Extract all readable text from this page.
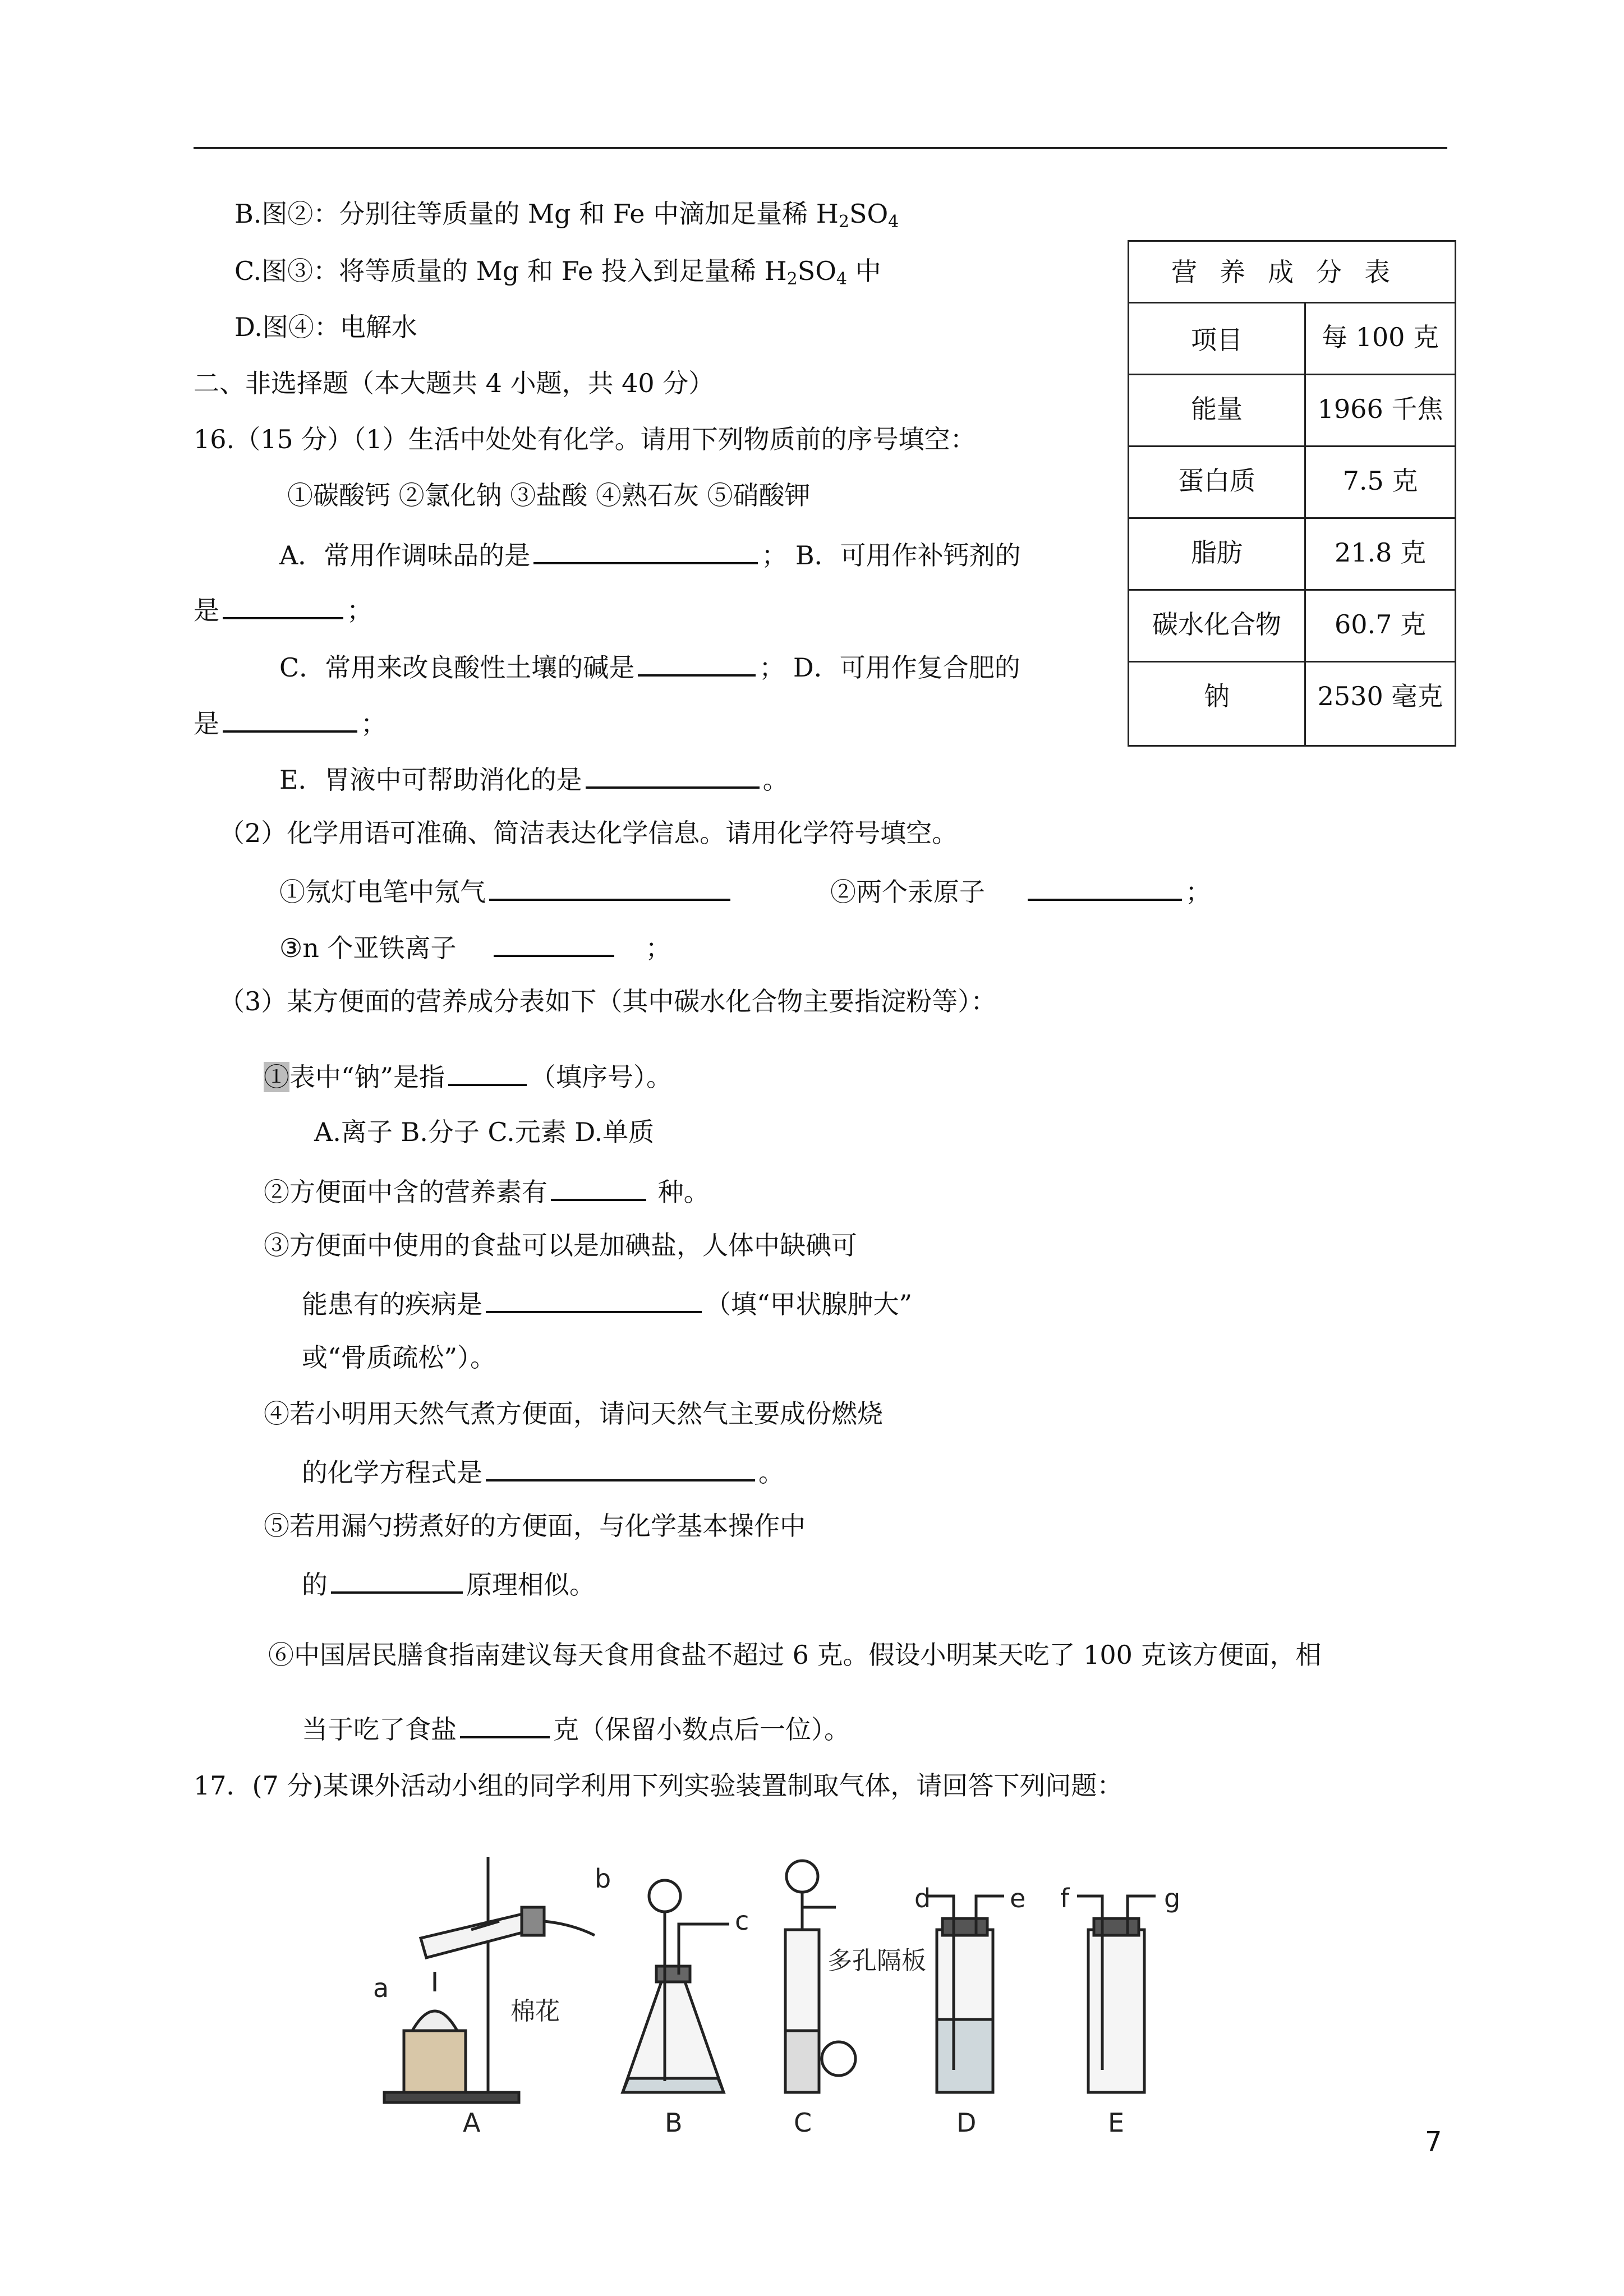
B.图②：分别往等质量的 Mg 和 Fe 中滴加足量稀 $H_2SO_4$
C.图③：将等质量的 Mg 和 Fe 投入到足量稀 $H_2SO_4$ 中
D.图④：电解水
二、非选择题（本大题共 4 小题，共 40 分）
16.（15 分）（1）生活中处处有化学。请用下列物质前的序号填空：
①碳酸钙 ②氯化钠 ③盐酸 ④熟石灰 ⑤硝酸钾
A．常用作调味品的是	； B．可用作补钙剂的
是	；
C．常用来改良酸性土壤的碱是	； D．可用作复合肥的
是	；
E．胃液中可帮助消化的是	。
（2）化学用语可准确、简洁表达化学信息。请用化学符号填空。
①氖灯电笔中氖气	②两个汞原子	；
③n 个亚铁离子	；
（3）某方便面的营养成分表如下（其中碳水化合物主要指淀粉等）：
①表中“钠”是指	（填序号）。
A.离子 B.分子 C.元素 D.单质
②方便面中含的营养素有	种。
③方便面中使用的食盐可以是加碘盐，人体中缺碘可
能患有的疾病是	（填“甲状腺肿大”
或“骨质疏松”）。
④若小明用天然气煮方便面，请问天然气主要成份燃烧
的化学方程式是	。
⑤若用漏勺捞煮好的方便面，与化学基本操作中
的	原理相似。
⑥中国居民膳食指南建议每天食用食盐不超过 6 克。假设小明某天吃了 100 克该方便面，相
当于吃了食盐	克（保留小数点后一位）。
17．(7 分)某课外活动小组的同学利用下列实验装置制取气体，请回答下列问题：
营养成分表	
项目	每 100 克
能量	1966 千焦
蛋白质	7.5 克
脂肪	21.8 克
碳水化合物	60.7 克
钠	2530 毫克
a
b
c
d	e f	g
棉花
多孔隔板
A	B	C	D	E
7
